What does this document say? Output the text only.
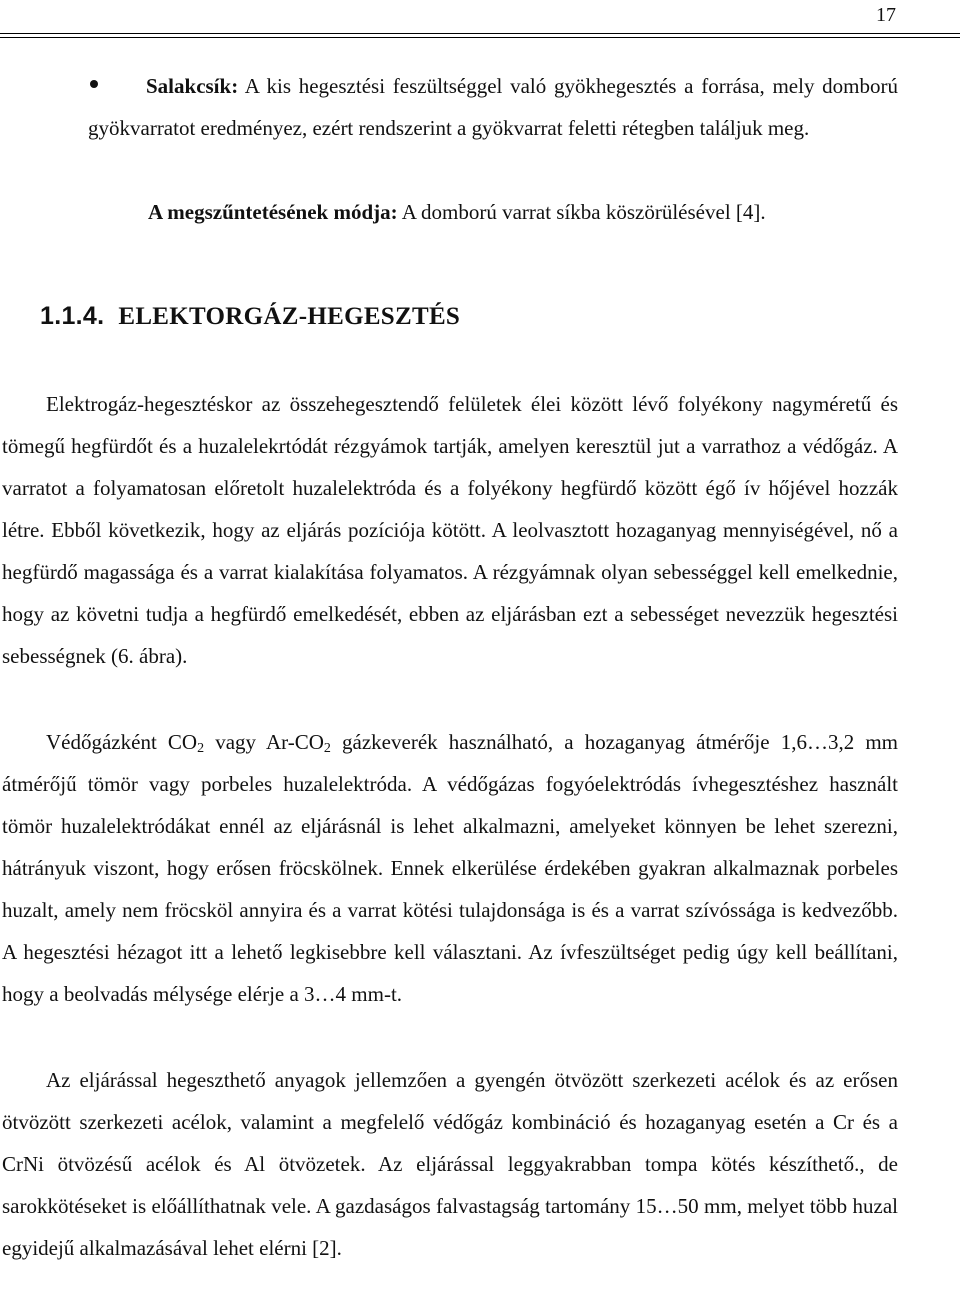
17
Salakcsík: A kis hegesztési feszültséggel való gyökhegesztés a forrása, mely domború gyökvarratot eredményez, ezért rendszerint a gyökvarrat feletti rétegben találjuk meg.
A megszűntetésének módja: A domború varrat síkba köszörülésével [4].
1.1.4. ELEKTORGÁZ-HEGESZTÉS
Elektrogáz-hegesztéskor az összehegesztendő felületek élei között lévő folyékony nagyméretű és tömegű hegfürdőt és a huzalelekrtódát rézgyámok tartják, amelyen keresztül jut a varrathoz a védőgáz. A varratot a folyamatosan előretolt huzalelektróda és a folyékony hegfürdő között égő ív hőjével hozzák létre. Ebből következik, hogy az eljárás pozíciója kötött. A leolvasztott hozaganyag mennyiségével, nő a hegfürdő magassága és a varrat kialakítása folyamatos. A rézgyámnak olyan sebességgel kell emelkednie, hogy az követni tudja a hegfürdő emelkedését, ebben az eljárásban ezt a sebességet nevezzük hegesztési sebességnek (6. ábra).
Védőgázként $CO_2$ vagy $Ar-CO_2$ gázkeverék használható, a hozaganyag átmérője 1,6…3,2 mm átmérőjű tömör vagy porbeles huzalelektróda. A védőgázas fogyóelektródás ívhegesztéshez használt tömör huzalelektródákat ennél az eljárásnál is lehet alkalmazni, amelyeket könnyen be lehet szerezni, hátrányuk viszont, hogy erősen fröcskölnek. Ennek elkerülése érdekében gyakran alkalmaznak porbeles huzalt, amely nem fröcsköl annyira és a varrat kötési tulajdonsága is és a varrat szívóssága is kedvezőbb. A hegesztési hézagot itt a lehető legkisebbre kell választani. Az ívfeszültséget pedig úgy kell beállítani, hogy a beolvadás mélysége elérje a 3…4 mm-t.
Az eljárással hegeszthető anyagok jellemzően a gyengén ötvözött szerkezeti acélok és az erősen ötvözött szerkezeti acélok, valamint a megfelelő védőgáz kombináció és hozaganyag esetén a Cr és a CrNi ötvözésű acélok és Al ötvözetek. Az eljárással leggyakrabban tompa kötés készíthető., de sarokkötéseket is előállíthatnak vele. A gazdaságos falvastagság tartomány 15…50 mm, melyet több huzal egyidejű alkalmazásával lehet elérni [2].
